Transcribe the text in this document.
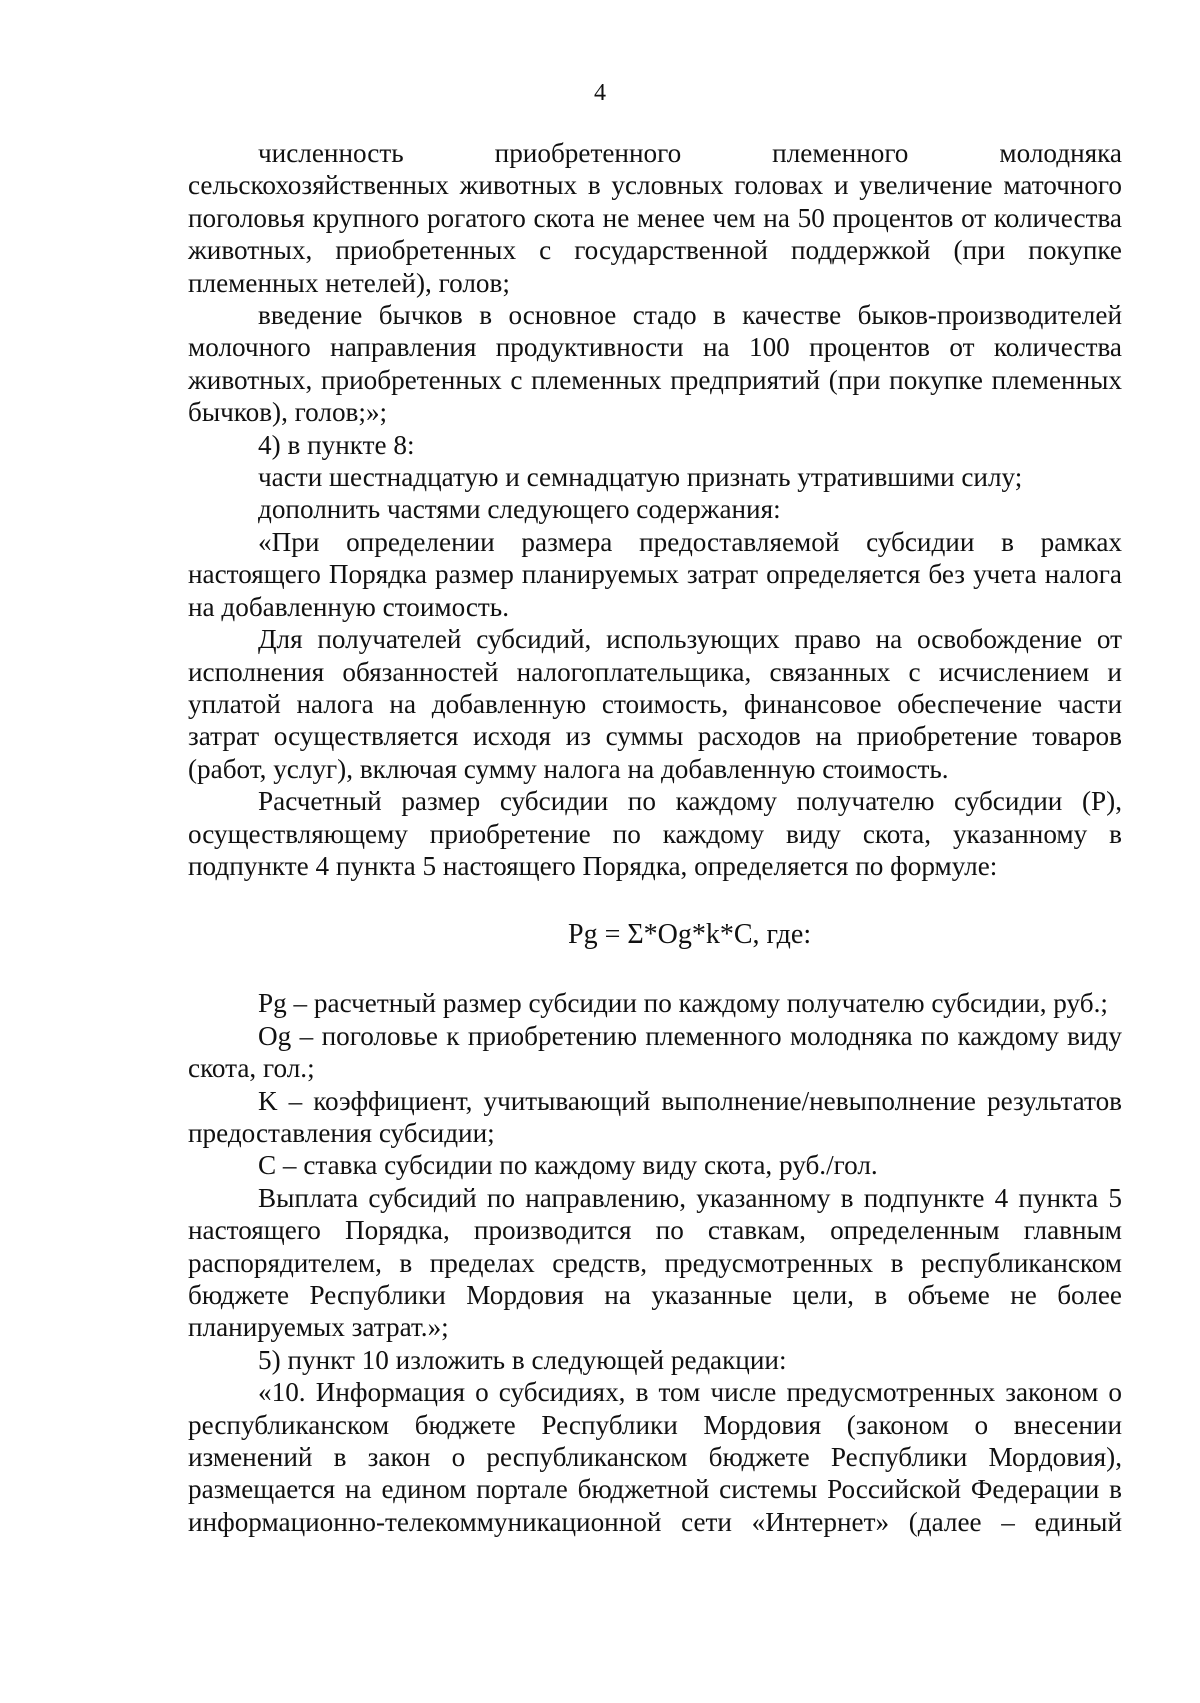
4

численность приобретенного племенного молодняка сельскохозяйственных животных в условных головах и увеличение маточного поголовья крупного рогатого скота не менее чем на 50 процентов от количества животных, приобретенных с государственной поддержкой (при покупке племенных нетелей), голов;

введение бычков в основное стадо в качестве быков-производителей молочного направления продуктивности на 100 процентов от количества животных, приобретенных с племенных предприятий (при покупке племенных бычков), голов;»;

4) в пункте 8:

части шестнадцатую и семнадцатую признать утратившими силу;

дополнить частями следующего содержания:

«При определении размера предоставляемой субсидии в рамках настоящего Порядка размер планируемых затрат определяется без учета налога на добавленную стоимость.

Для получателей субсидий, использующих право на освобождение от исполнения обязанностей налогоплательщика, связанных с исчислением и уплатой налога на добавленную стоимость, финансовое обеспечение части затрат осуществляется исходя из суммы расходов на приобретение товаров (работ, услуг), включая сумму налога на добавленную стоимость.

Расчетный размер субсидии по каждому получателю субсидии (Р), осуществляющему приобретение по каждому виду скота, указанному в подпункте 4 пункта 5 настоящего Порядка, определяется по формуле:

Pg = Σ*Og*k*C, где:

Pg – расчетный размер субсидии по каждому получателю субсидии, руб.;

Og – поголовье к приобретению племенного молодняка по каждому виду скота, гол.;

K – коэффициент, учитывающий выполнение/невыполнение результатов предоставления субсидии;

C – ставка субсидии по каждому виду скота, руб./гол.

Выплата субсидий по направлению, указанному в подпункте 4 пункта 5 настоящего Порядка, производится по ставкам, определенным главным распорядителем, в пределах средств, предусмотренных в республиканском бюджете Республики Мордовия на указанные цели, в объеме не более планируемых затрат.»;

5) пункт 10 изложить в следующей редакции:

«10. Информация о субсидиях, в том числе предусмотренных законом о республиканском бюджете Республики Мордовия (законом о внесении изменений в закон о республиканском бюджете Республики Мордовия), размещается на едином портале бюджетной системы Российской Федерации в информационно-телекоммуникационной сети «Интернет» (далее – единый
